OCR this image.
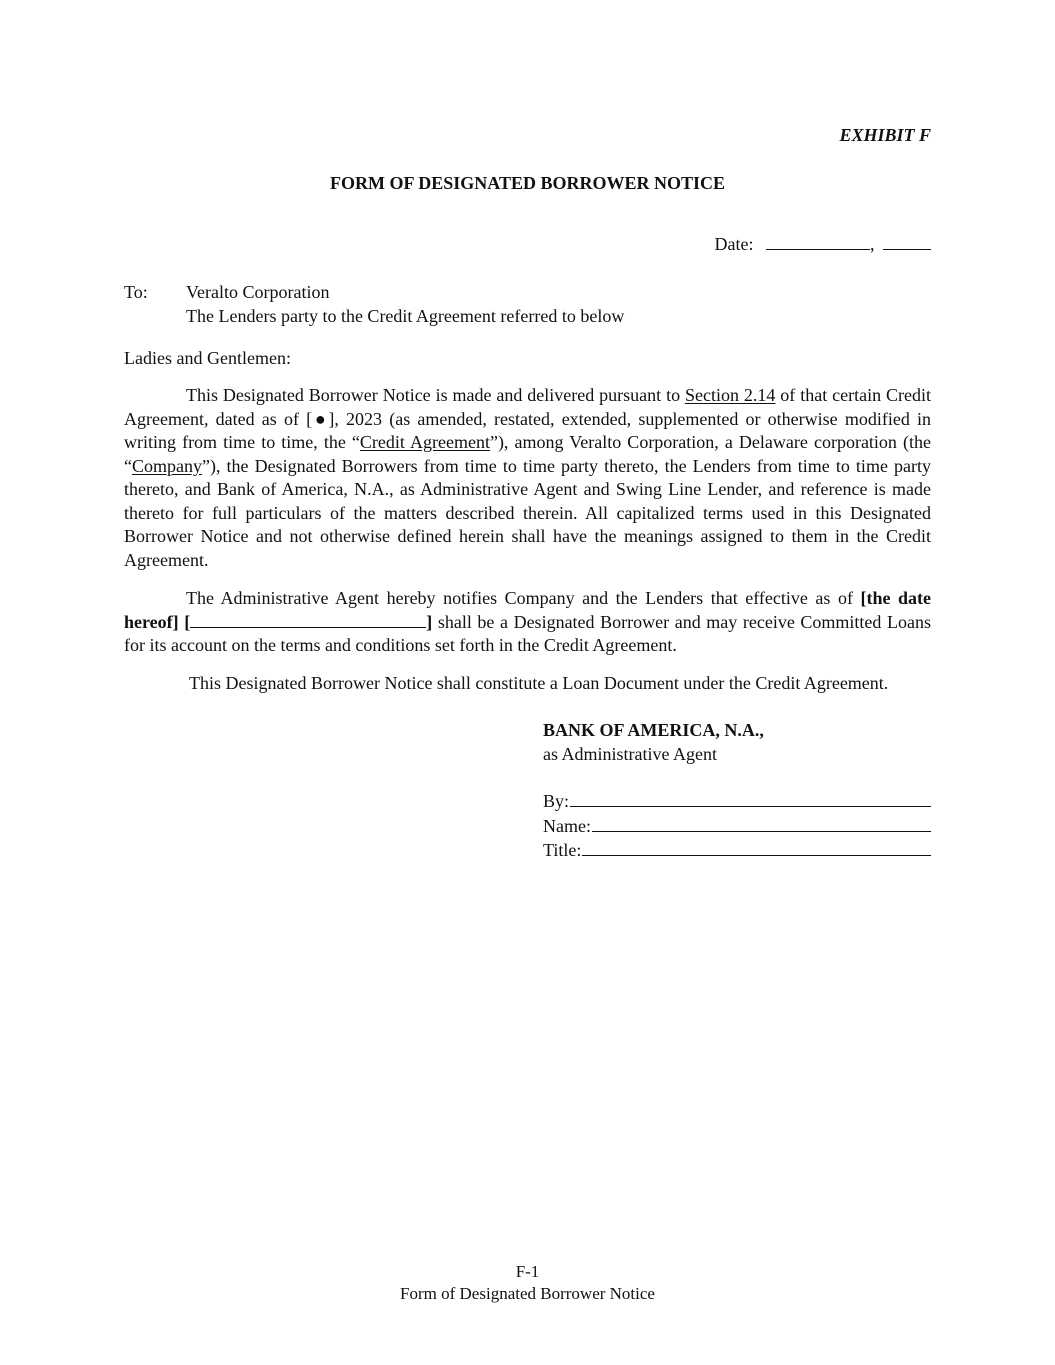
EXHIBIT F
FORM OF DESIGNATED BORROWER NOTICE
Date:	,
To: Veralto Corporation
The Lenders party to the Credit Agreement referred to below
Ladies and Gentlemen:
This Designated Borrower Notice is made and delivered pursuant to Section 2.14 of that certain Credit Agreement, dated as of [●], 2023 (as amended, restated, extended, supplemented or otherwise modified in writing from time to time, the “Credit Agreement”), among Veralto Corporation, a Delaware corporation (the “Company”), the Designated Borrowers from time to time party thereto, the Lenders from time to time party thereto, and Bank of America, N.A., as Administrative Agent and Swing Line Lender, and reference is made thereto for full particulars of the matters described therein. All capitalized terms used in this Designated Borrower Notice and not otherwise defined herein shall have the meanings assigned to them in the Credit Agreement.
The Administrative Agent hereby notifies Company and the Lenders that effective as of [the date hereof] [	] shall be a Designated Borrower and may receive Committed Loans for its account on the terms and conditions set forth in the Credit Agreement.
This Designated Borrower Notice shall constitute a Loan Document under the Credit Agreement.
BANK OF AMERICA, N.A.,
as Administrative Agent
By:
Name:
Title:
F-1
Form of Designated Borrower Notice
